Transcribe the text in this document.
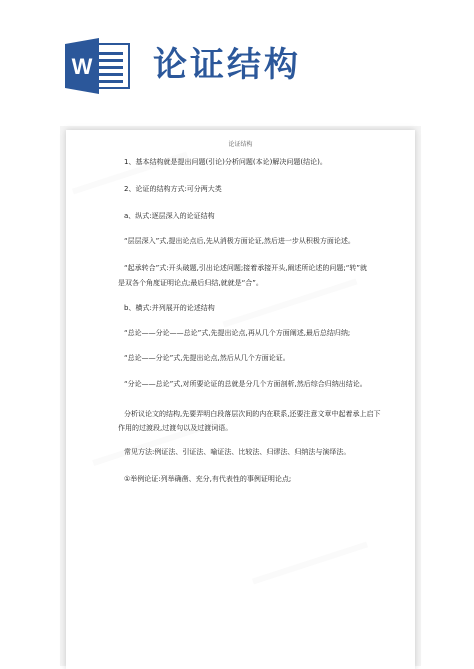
W 论证结构
论证结构
1、基本结构就是提出问题(引论)分析问题(本论)解决问题(结论)。
2、论证的结构方式:可分两大类
a、纵式:逐层深入的论证结构
“层层深入”式,提出论点后,先从消极方面论证,然后进一步从积极方面论述。
“起承转合”式:开头破题,引出论述问题;接着承接开头,阐述所论述的问题;“转”就
是双各个角度证明论点;最后归结,就就是“合”。
b、横式:并列展开的论述结构
“总论——分论——总论”式,先提出论点,再从几个方面阐述,最后总结归纳;
“总论——分论”式,先提出论点,然后从几个方面论证。
“分论——总论”式,对所要论证的总就是分几个方面剖析,然后综合归纳出结论。
分析议论文的结构,先要弄明白段落层次间的内在联系,还要注意文章中起着承上启下
作用的过渡段,过渡句以及过渡词语。
常见方法:例证法、引证法、喻证法、比较法、归谬法、归纳法与演绎法。
①举例论证:列举确凿、充分,有代表性的事例证明论点;
